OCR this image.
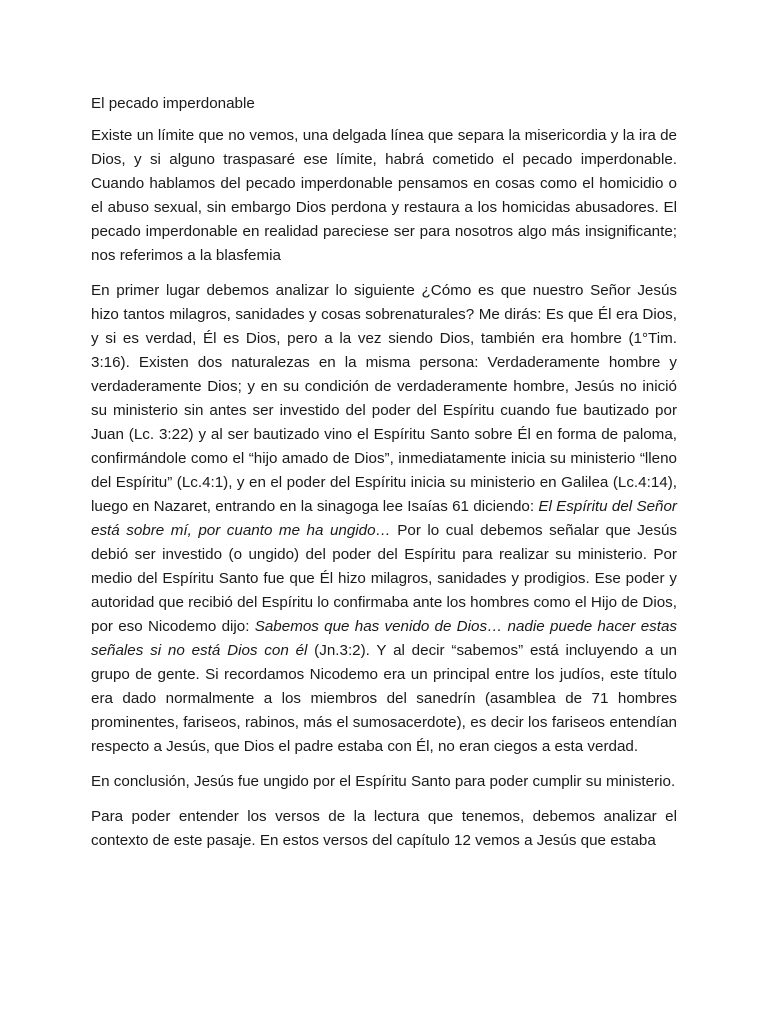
El pecado imperdonable

Existe un límite que no vemos, una delgada línea que separa la misericordia y la ira de Dios, y si alguno traspasaré ese límite, habrá cometido el pecado imperdonable. Cuando hablamos del pecado imperdonable pensamos en cosas como el homicidio o el abuso sexual, sin embargo Dios perdona y restaura a los homicidas abusadores. El pecado imperdonable en realidad pareciese ser para nosotros algo más insignificante; nos referimos a la blasfemia

En primer lugar debemos analizar lo siguiente ¿Cómo es que nuestro Señor Jesús hizo tantos milagros, sanidades y cosas sobrenaturales? Me dirás: Es que Él era Dios, y si es verdad, Él es Dios, pero a la vez siendo Dios, también era hombre (1°Tim. 3:16). Existen dos naturalezas en la misma persona: Verdaderamente hombre y verdaderamente Dios; y en su condición de verdaderamente hombre, Jesús no inició su ministerio sin antes ser investido del poder del Espíritu cuando fue bautizado por Juan (Lc. 3:22) y al ser bautizado vino el Espíritu Santo sobre Él en forma de paloma, confirmándole como el “hijo amado de Dios”, inmediatamente inicia su ministerio “lleno del Espíritu” (Lc.4:1), y en el poder del Espíritu inicia su ministerio en Galilea (Lc.4:14), luego en Nazaret, entrando en la sinagoga lee Isaías 61 diciendo: El Espíritu del Señor está sobre mí, por cuanto me ha ungido… Por lo cual debemos señalar que Jesús debió ser investido (o ungido) del poder del Espíritu para realizar su ministerio. Por medio del Espíritu Santo fue que Él hizo milagros, sanidades y prodigios. Ese poder y autoridad que recibió del Espíritu lo confirmaba ante los hombres como el Hijo de Dios, por eso Nicodemo dijo: Sabemos que has venido de Dios… nadie puede hacer estas señales si no está Dios con él (Jn.3:2). Y al decir “sabemos” está incluyendo a un grupo de gente. Si recordamos Nicodemo era un principal entre los judíos, este título era dado normalmente a los miembros del sanedrín (asamblea de 71 hombres prominentes, fariseos, rabinos, más el sumosacerdote), es decir los fariseos entendían respecto a Jesús, que Dios el padre estaba con Él, no eran ciegos a esta verdad.

En conclusión, Jesús fue ungido por el Espíritu Santo para poder cumplir su ministerio.

Para poder entender los versos de la lectura que tenemos, debemos analizar el contexto de este pasaje. En estos versos del capítulo 12 vemos a Jesús que estaba
